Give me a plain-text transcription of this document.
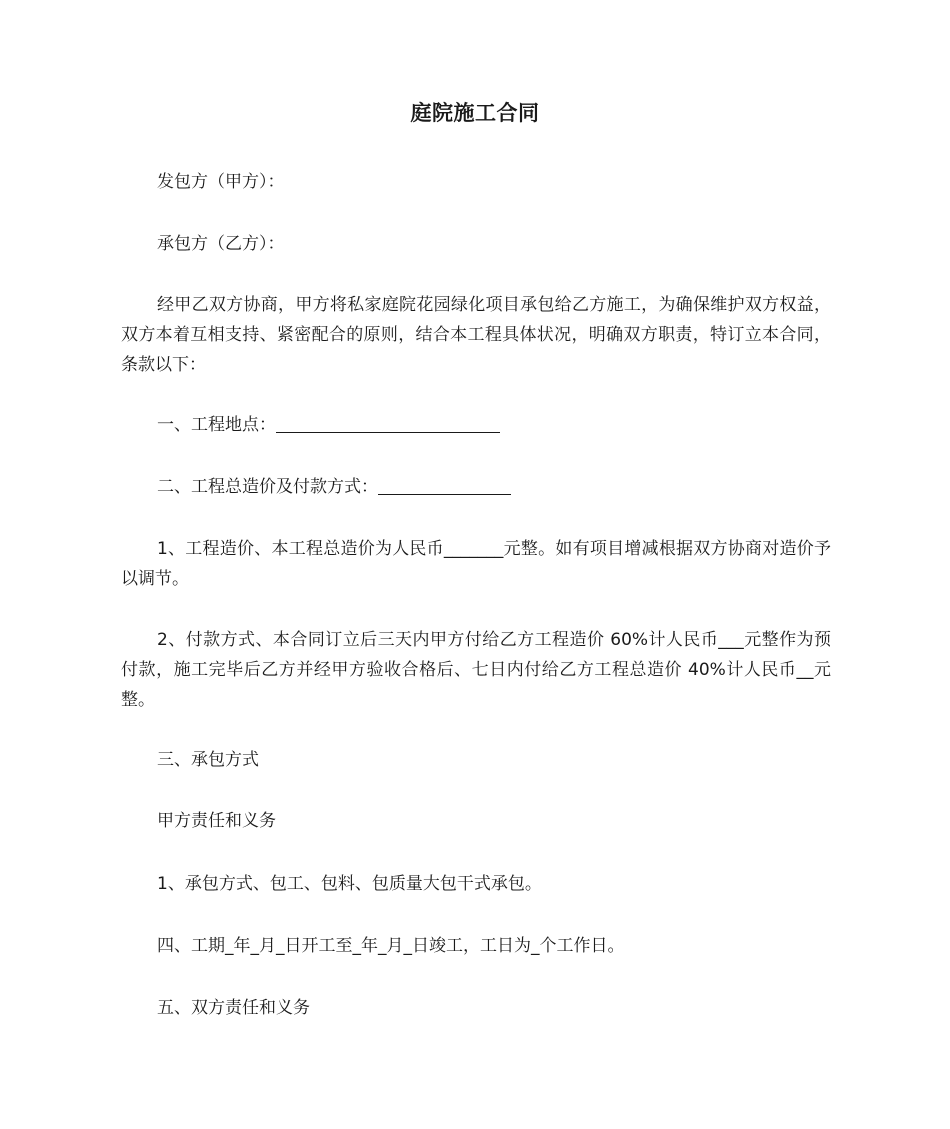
庭院施工合同

发包方（甲方）：

承包方（乙方）：

经甲乙双方协商，甲方将私家庭院花园绿化项目承包给乙方施工，为确保维护双方权益，双方本着互相支持、紧密配合的原则，结合本工程具体状况，明确双方职责，特订立本合同，条款以下：

一、工程地点：

二、工程总造价及付款方式：

1、工程造价、本工程总造价为人民币_______元整。如有项目增减根据双方协商对造价予以调节。

2、付款方式、本合同订立后三天内甲方付给乙方工程造价 60%计人民币___元整作为预付款，施工完毕后乙方并经甲方验收合格后、七日内付给乙方工程总造价 40%计人民币__元整。

三、承包方式

甲方责任和义务

1、承包方式、包工、包料、包质量大包干式承包。

四、工期_年_月_日开工至_年_月_日竣工，工日为_个工作日。

五、双方责任和义务
